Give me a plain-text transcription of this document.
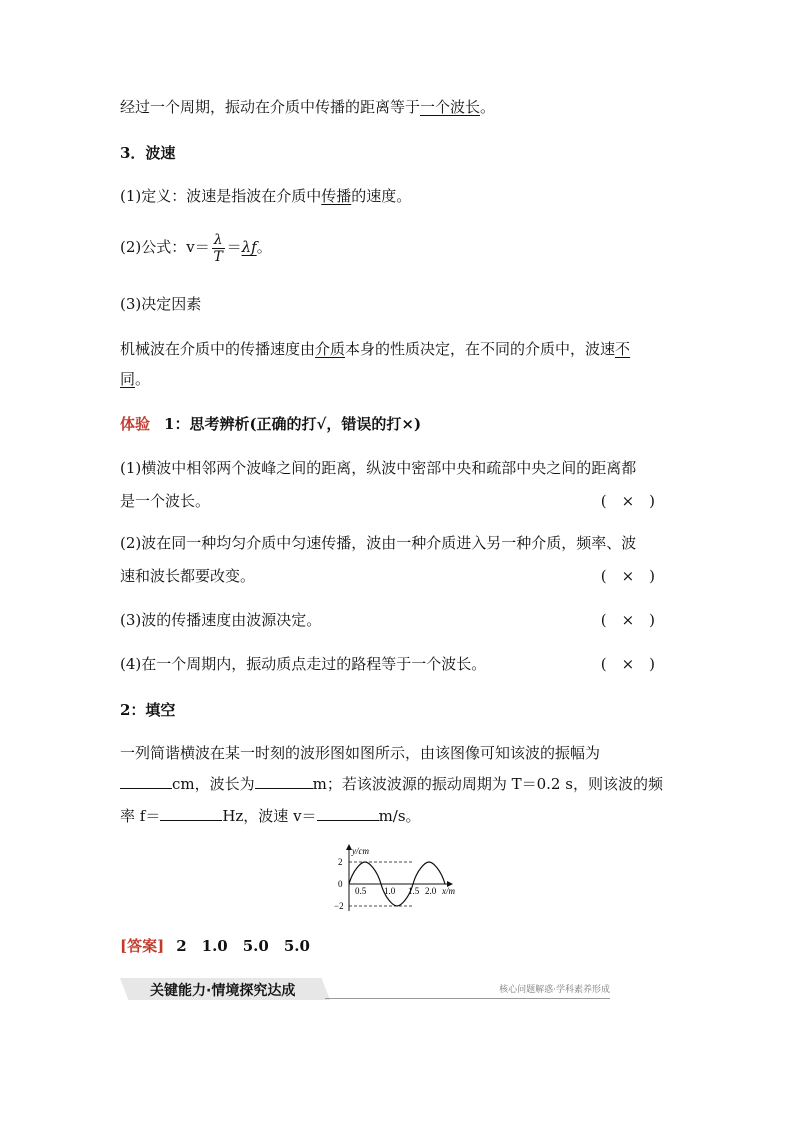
经过一个周期，振动在介质中传播的距离等于一个波长。
3．波速
(1)定义：波速是指波在介质中传播的速度。
(2)公式：$v= \frac{\lambda}{T} =\lambda f$。
(3)决定因素
机械波在介质中的传播速度由介质本身的性质决定，在不同的介质中，波速不
同。
体验 1：思考辨析(正确的打√，错误的打×)
(1)横波中相邻两个波峰之间的距离，纵波中密部中央和疏部中央之间的距离都
是一个波长。	(　×　)
(2)波在同一种均匀介质中匀速传播，波由一种介质进入另一种介质，频率、波
速和波长都要改变。	(　×　)
(3)波的传播速度由波源决定。	(　×　)
(4)在一个周期内，振动质点走过的路程等于一个波长。	(　×　)
2：填空
一列简谐横波在某一时刻的波形图如图所示，由该图像可知该波的振幅为
cm，波长为	m；若该波波源的振动周期为 T＝0.2 s，则该波的频
率 f＝	Hz，波速 v＝	m/s。
y/cm
2
0
−2
0.5 1.0 1.5 2.0 x/m
[答案] 2　1.0　5.0　5.0
关键能力·情境探究达成	核心问题解惑·学科素养形成
